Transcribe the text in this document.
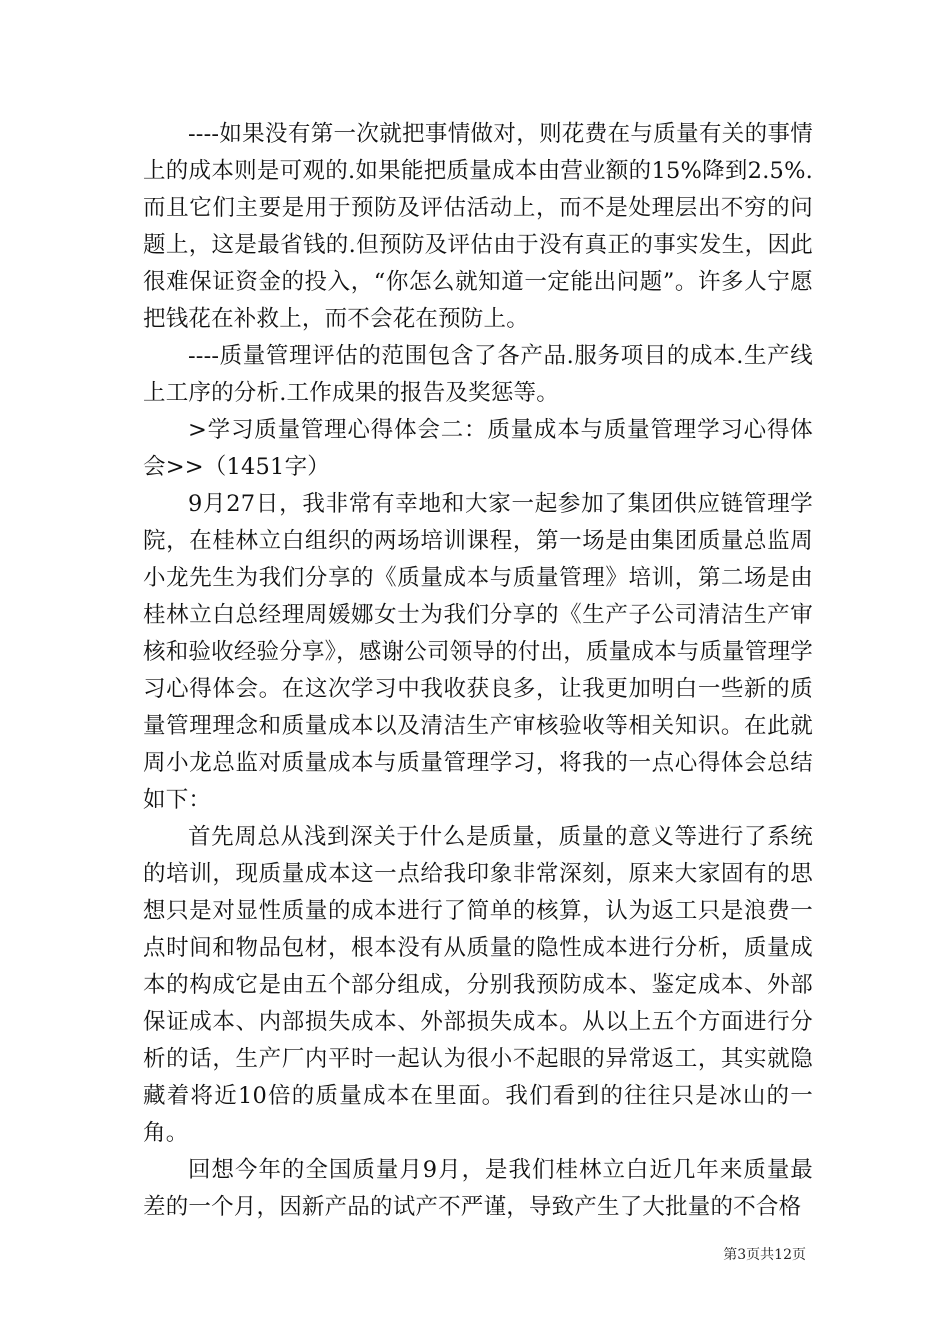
----如果没有第一次就把事情做对，则花费在与质量有关的事情上的成本则是可观的.如果能把质量成本由营业额的15%降到2.5%.而且它们主要是用于预防及评估活动上，而不是处理层出不穷的问题上，这是最省钱的.但预防及评估由于没有真正的事实发生，因此很难保证资金的投入，“你怎么就知道一定能出问题”。许多人宁愿把钱花在补救上，而不会花在预防上。

----质量管理评估的范围包含了各产品.服务项目的成本.生产线上工序的分析.工作成果的报告及奖惩等。

>学习质量管理心得体会二：质量成本与质量管理学习心得体会>>（1451字）

9月27日，我非常有幸地和大家一起参加了集团供应链管理学院，在桂林立白组织的两场培训课程，第一场是由集团质量总监周小龙先生为我们分享的《质量成本与质量管理》培训，第二场是由桂林立白总经理周媛娜女士为我们分享的《生产子公司清洁生产审核和验收经验分享》，感谢公司领导的付出，质量成本与质量管理学习心得体会。在这次学习中我收获良多，让我更加明白一些新的质量管理理念和质量成本以及清洁生产审核验收等相关知识。在此就周小龙总监对质量成本与质量管理学习，将我的一点心得体会总结如下：

首先周总从浅到深关于什么是质量，质量的意义等进行了系统的培训，现质量成本这一点给我印象非常深刻，原来大家固有的思想只是对显性质量的成本进行了简单的核算，认为返工只是浪费一点时间和物品包材，根本没有从质量的隐性成本进行分析，质量成本的构成它是由五个部分组成，分别我预防成本、鉴定成本、外部保证成本、内部损失成本、外部损失成本。从以上五个方面进行分析的话，生产厂内平时一起认为很小不起眼的异常返工，其实就隐藏着将近10倍的质量成本在里面。我们看到的往往只是冰山的一角。

回想今年的全国质量月9月，是我们桂林立白近几年来质量最差的一个月，因新产品的试产不严谨，导致产生了大批量的不合格

第3页共12页
